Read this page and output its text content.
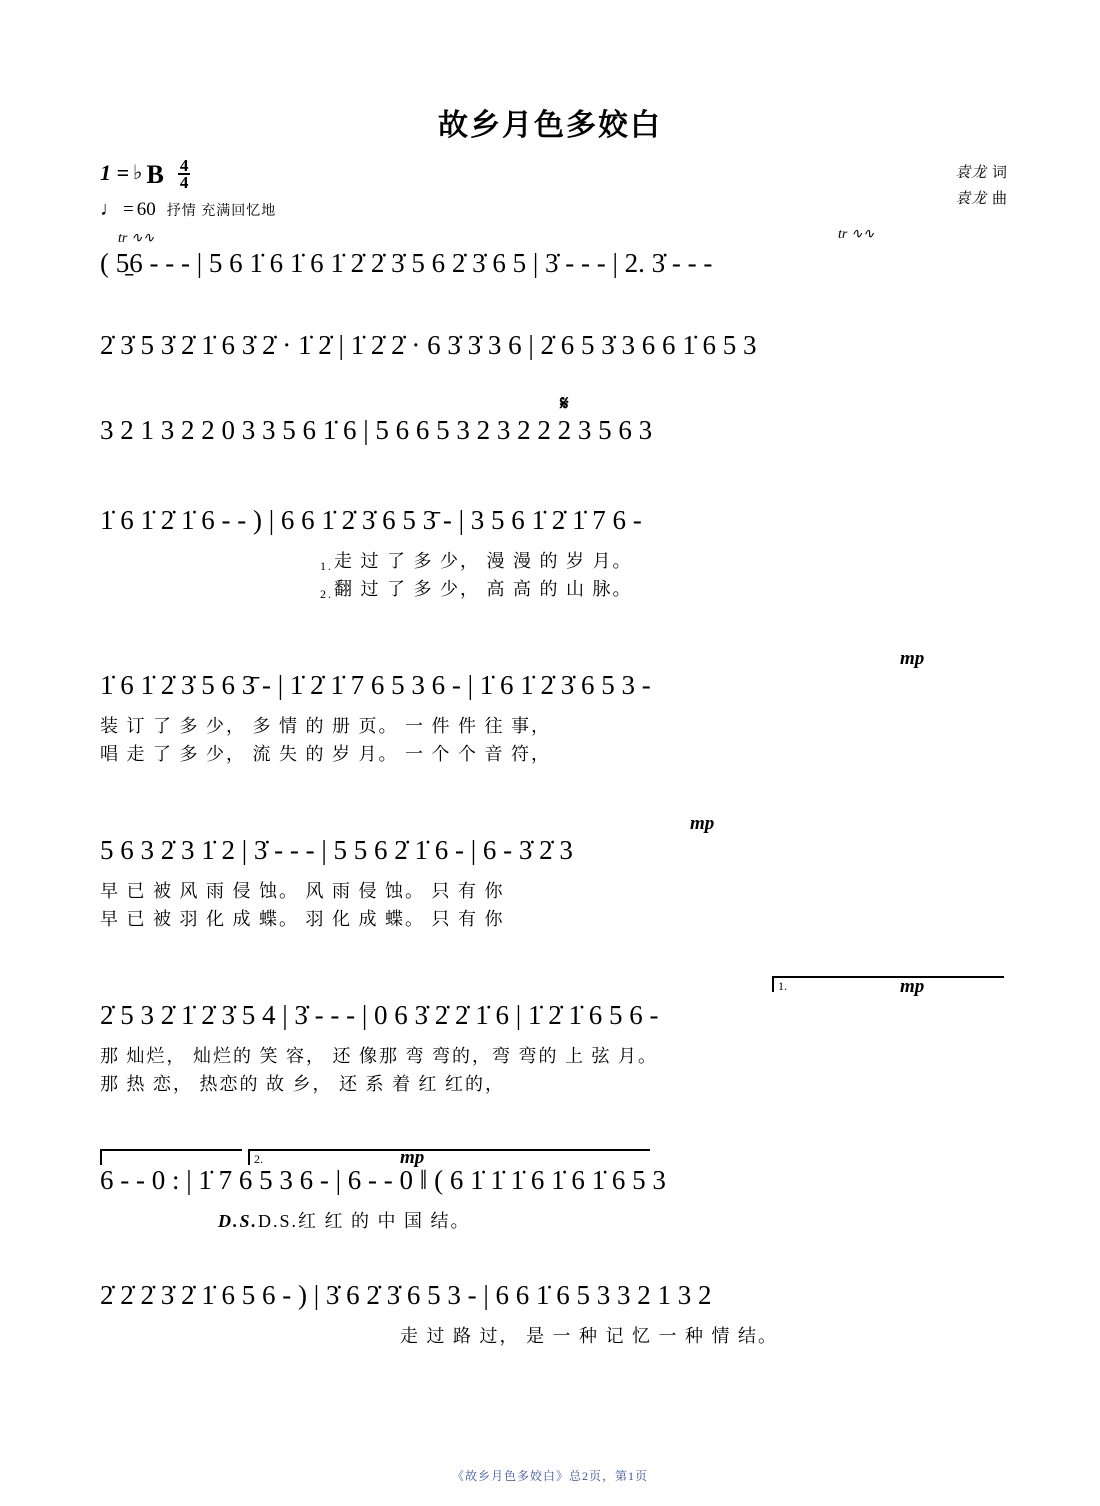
故乡月色多姣白
袁龙 词
袁龙 曲
1 = ♭ B $\frac{4}{4}$
♩ = 60 抒情 充满回忆地
tr ∿∿	tr ∿∿
( 5̠6 - - - | 5 6 1̇ 6 1̇ 6 1̇ 2̇ 2̇ 3̇ 5 6 2̇ 3̇ 6 5 | 3̇ - - - | 2. 3̇ - - -
2̇ 3̇ 5 3̇ 2̇ 1̇ 6 3̇ 2̇ · 1̇ 2̇ | 1̇ 2̇ 2̇ · 6 3̇ 3̇ 3 6 | 2̇ 6 5 3̇ 3 6 6 1̇ 6 5 3
𝄋
3 2 1 3 2 2 0 3 3 5 6 1̇ 6 | 5 6 6 5 3 2 3 2 2 2 3 5 6 3
1̇ 6 1̇ 2̇ 1̇ 6 - - ) | 6 6 1̇ 2̇ 3̇ 6 5 3̄ - | 3 5 6 1̇ 2̇ 1̇ 7 6 -
1.走 过 了 多 少， 漫 漫 的 岁 月。
2.翻 过 了 多 少， 高 高 的 山 脉。
mp
1̇ 6 1̇ 2̇ 3̇ 5 6 3̄ - | 1̇ 2̇ 1̇ 7 6 5 3 6 - | 1̇ 6 1̇ 2̇ 3̇ 6 5 3 -
装 订 了 多 少， 多 情 的 册 页。 一 件 件 往 事，
唱 走 了 多 少， 流 失 的 岁 月。 一 个 个 音 符，
mp
5 6 3 2̇ 3 1̇ 2 | 3̇ - - - | 5 5 6 2̇ 1̇ 6 - | 6 - 3̇ 2̇ 3
早 已 被 风 雨 侵 蚀。 风 雨 侵 蚀。 只 有 你
早 已 被 羽 化 成 蝶。 羽 化 成 蝶。 只 有 你
mp
1.
2̇ 5 3 2̇ 1̇ 2̇ 3̇ 5 4 | 3̇ - - - | 0 6 3̇ 2̇ 2̇ 1̇ 6 | 1̇ 2̇ 1̇ 6 5 6 -
那 灿烂， 灿烂的 笑 容， 还 像那 弯 弯的，弯 弯的 上 弦 月。
那 热 恋， 热恋的 故 乡， 还 系 着 红 红的，
mp
2.
6 - - 0 : | 1̇ 7 6 5 3 6 - | 6 - - 0 ‖ ( 6 1̇ 1̇ 1̇ 6 1̇ 6 1̇ 6 5 3
D.S.D.S.红 红 的 中 国 结。
2̇ 2̇ 2̇ 3̇ 2̇ 1̇ 6 5 6 - ) | 3̇ 6 2̇ 3̇ 6 5 3 - | 6 6 1̇ 6 5 3 3 2 1 3 2
走 过 路 过， 是 一 种 记 忆 一 种 情 结。
《故乡月色多姣白》总2页，第1页
